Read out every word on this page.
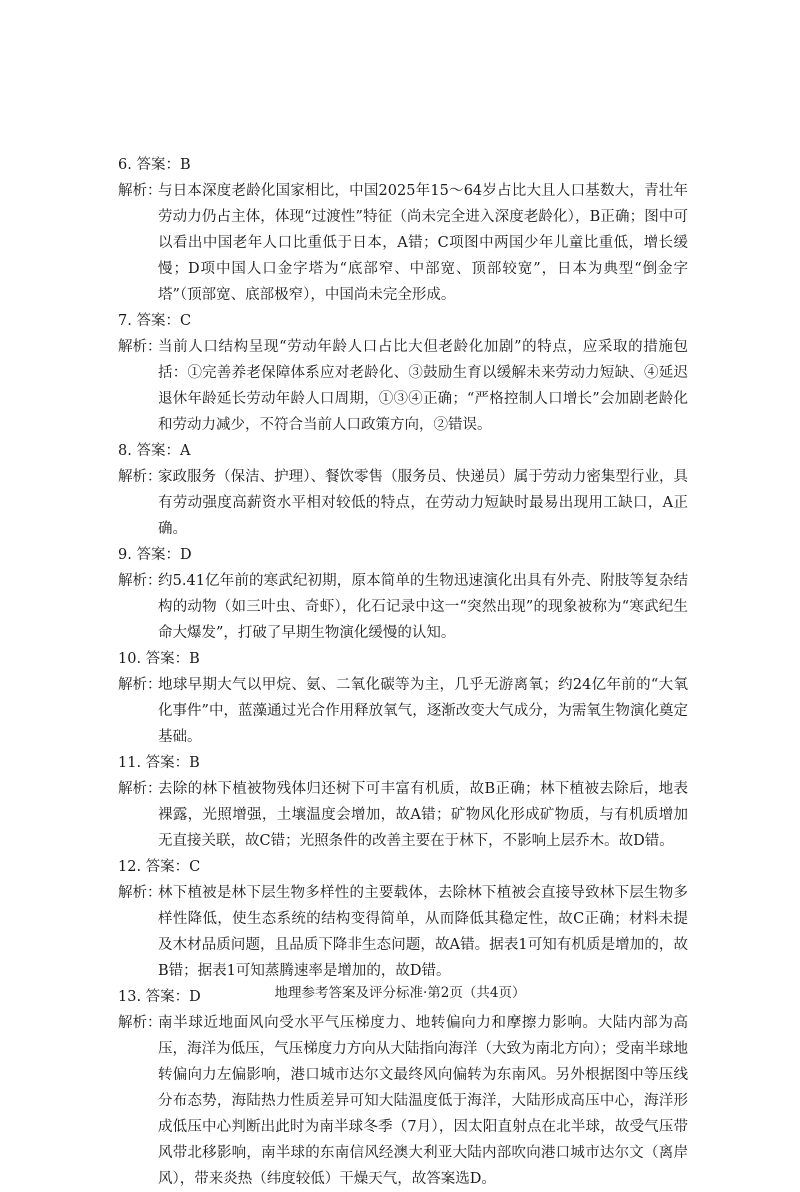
6. 答案：B
解析：
与日本深度老龄化国家相比，中国2025年15～64岁占比大且人口基数大，青壮年劳动力仍占主体，体现“过渡性”特征（尚未完全进入深度老龄化），B正确；图中可以看出中国老年人口比重低于日本，A错；C项图中两国少年儿童比重低，增长缓慢；D项中国人口金字塔为“底部窄、中部宽、顶部较宽”，日本为典型“倒金字塔”（顶部宽、底部极窄），中国尚未完全形成。
7. 答案：C
解析：
当前人口结构呈现“劳动年龄人口占比大但老龄化加剧”的特点，应采取的措施包括：①完善养老保障体系应对老龄化、③鼓励生育以缓解未来劳动力短缺、④延迟退休年龄延长劳动年龄人口周期，①③④正确；“严格控制人口增长”会加剧老龄化和劳动力减少，不符合当前人口政策方向，②错误。
8. 答案：A
解析：
家政服务（保洁、护理）、餐饮零售（服务员、快递员）属于劳动力密集型行业，具有劳动强度高薪资水平相对较低的特点，在劳动力短缺时最易出现用工缺口，A正确。
9. 答案：D
解析：
约5.41亿年前的寒武纪初期，原本简单的生物迅速演化出具有外壳、附肢等复杂结构的动物（如三叶虫、奇虾），化石记录中这一“突然出现”的现象被称为“寒武纪生命大爆发”，打破了早期生物演化缓慢的认知。
10. 答案：B
解析：
地球早期大气以甲烷、氨、二氧化碳等为主，几乎无游离氧；约24亿年前的“大氧化事件”中，蓝藻通过光合作用释放氧气，逐渐改变大气成分，为需氧生物演化奠定基础。
11. 答案：B
解析：
去除的林下植被物残体归还树下可丰富有机质，故B正确；林下植被去除后，地表裸露，光照增强，土壤温度会增加，故A错；矿物风化形成矿物质，与有机质增加无直接关联，故C错；光照条件的改善主要在于林下，不影响上层乔木。故D错。
12. 答案：C
解析：
林下植被是林下层生物多样性的主要载体，去除林下植被会直接导致林下层生物多样性降低，使生态系统的结构变得简单，从而降低其稳定性，故C正确；材料未提及木材品质问题，且品质下降非生态问题，故A错。据表1可知有机质是增加的，故B错；据表1可知蒸腾速率是增加的，故D错。
13. 答案：D
解析：
南半球近地面风向受水平气压梯度力、地转偏向力和摩擦力影响。大陆内部为高压，海洋为低压，气压梯度力方向从大陆指向海洋（大致为南北方向）；受南半球地转偏向力左偏影响，港口城市达尔文最终风向偏转为东南风。另外根据图中等压线分布态势，海陆热力性质差异可知大陆温度低于海洋，大陆形成高压中心，海洋形成低压中心判断出此时为南半球冬季（7月），因太阳直射点在北半球，故受气压带风带北移影响，南半球的东南信风经澳大利亚大陆内部吹向港口城市达尔文（离岸风），带来炎热（纬度较低）干燥天气，故答案选D。
地理参考答案及评分标准·第2页（共4页）
